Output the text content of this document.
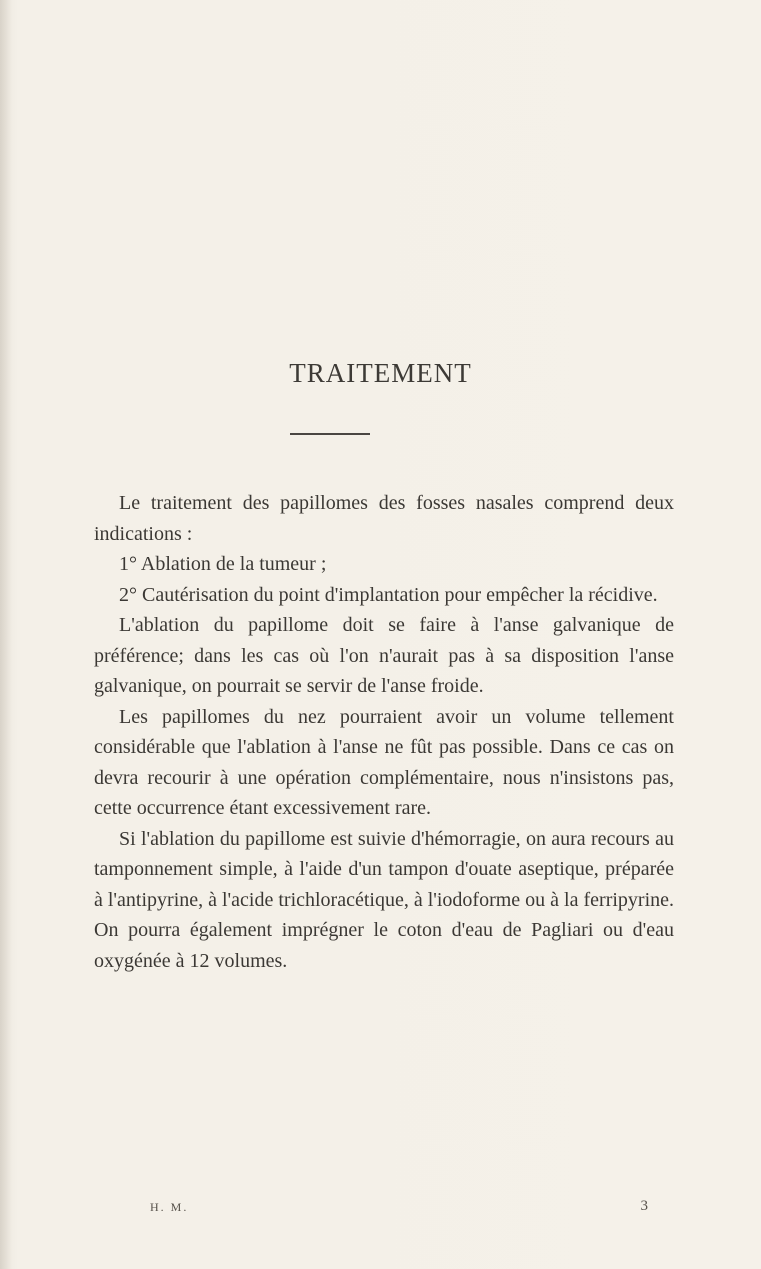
TRAITEMENT

Le traitement des papillomes des fosses nasales comprend deux indications :

1° Ablation de la tumeur ;

2° Cautérisation du point d'implantation pour empêcher la récidive.

L'ablation du papillome doit se faire à l'anse galvanique de préférence; dans les cas où l'on n'aurait pas à sa disposition l'anse galvanique, on pourrait se servir de l'anse froide.

Les papillomes du nez pourraient avoir un volume tellement considérable que l'ablation à l'anse ne fût pas possible. Dans ce cas on devra recourir à une opération complémentaire, nous n'insistons pas, cette occurrence étant excessivement rare.

Si l'ablation du papillome est suivie d'hémorragie, on aura recours au tamponnement simple, à l'aide d'un tampon d'ouate aseptique, préparée à l'antipyrine, à l'acide trichloracétique, à l'iodoforme ou à la ferripyrine. On pourra également imprégner le coton d'eau de Pagliari ou d'eau oxygénée à 12 volumes.

H. M.	3
